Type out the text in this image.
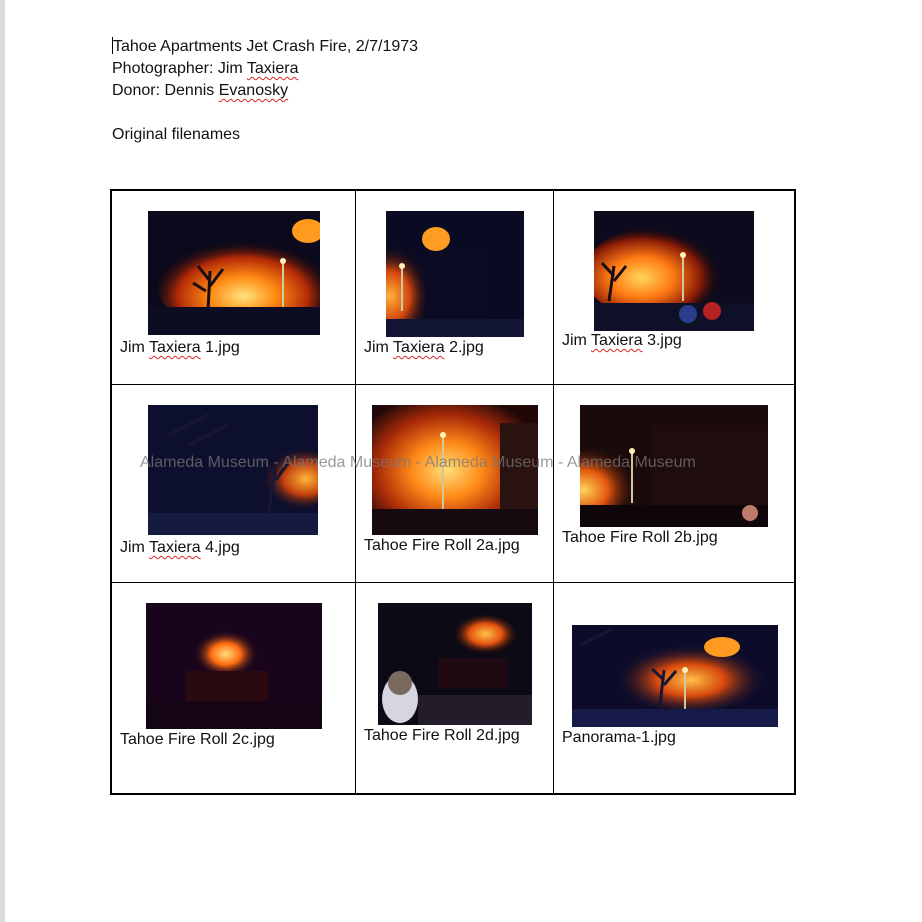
Tahoe Apartments Jet Crash Fire, 2/7/1973
Photographer: Jim Taxiera
Donor: Dennis Evanosky
Original filenames
Jim Taxiera 1.jpg	Jim Taxiera 2.jpg	Jim Taxiera 3.jpg
Jim Taxiera 4.jpg	Tahoe Fire Roll 2a.jpg	Tahoe Fire Roll 2b.jpg
Tahoe Fire Roll 2c.jpg	Tahoe Fire Roll 2d.jpg	Panorama-1.jpg
Alameda Museum - Alameda Museum - Alameda Museum - Alameda Museum
